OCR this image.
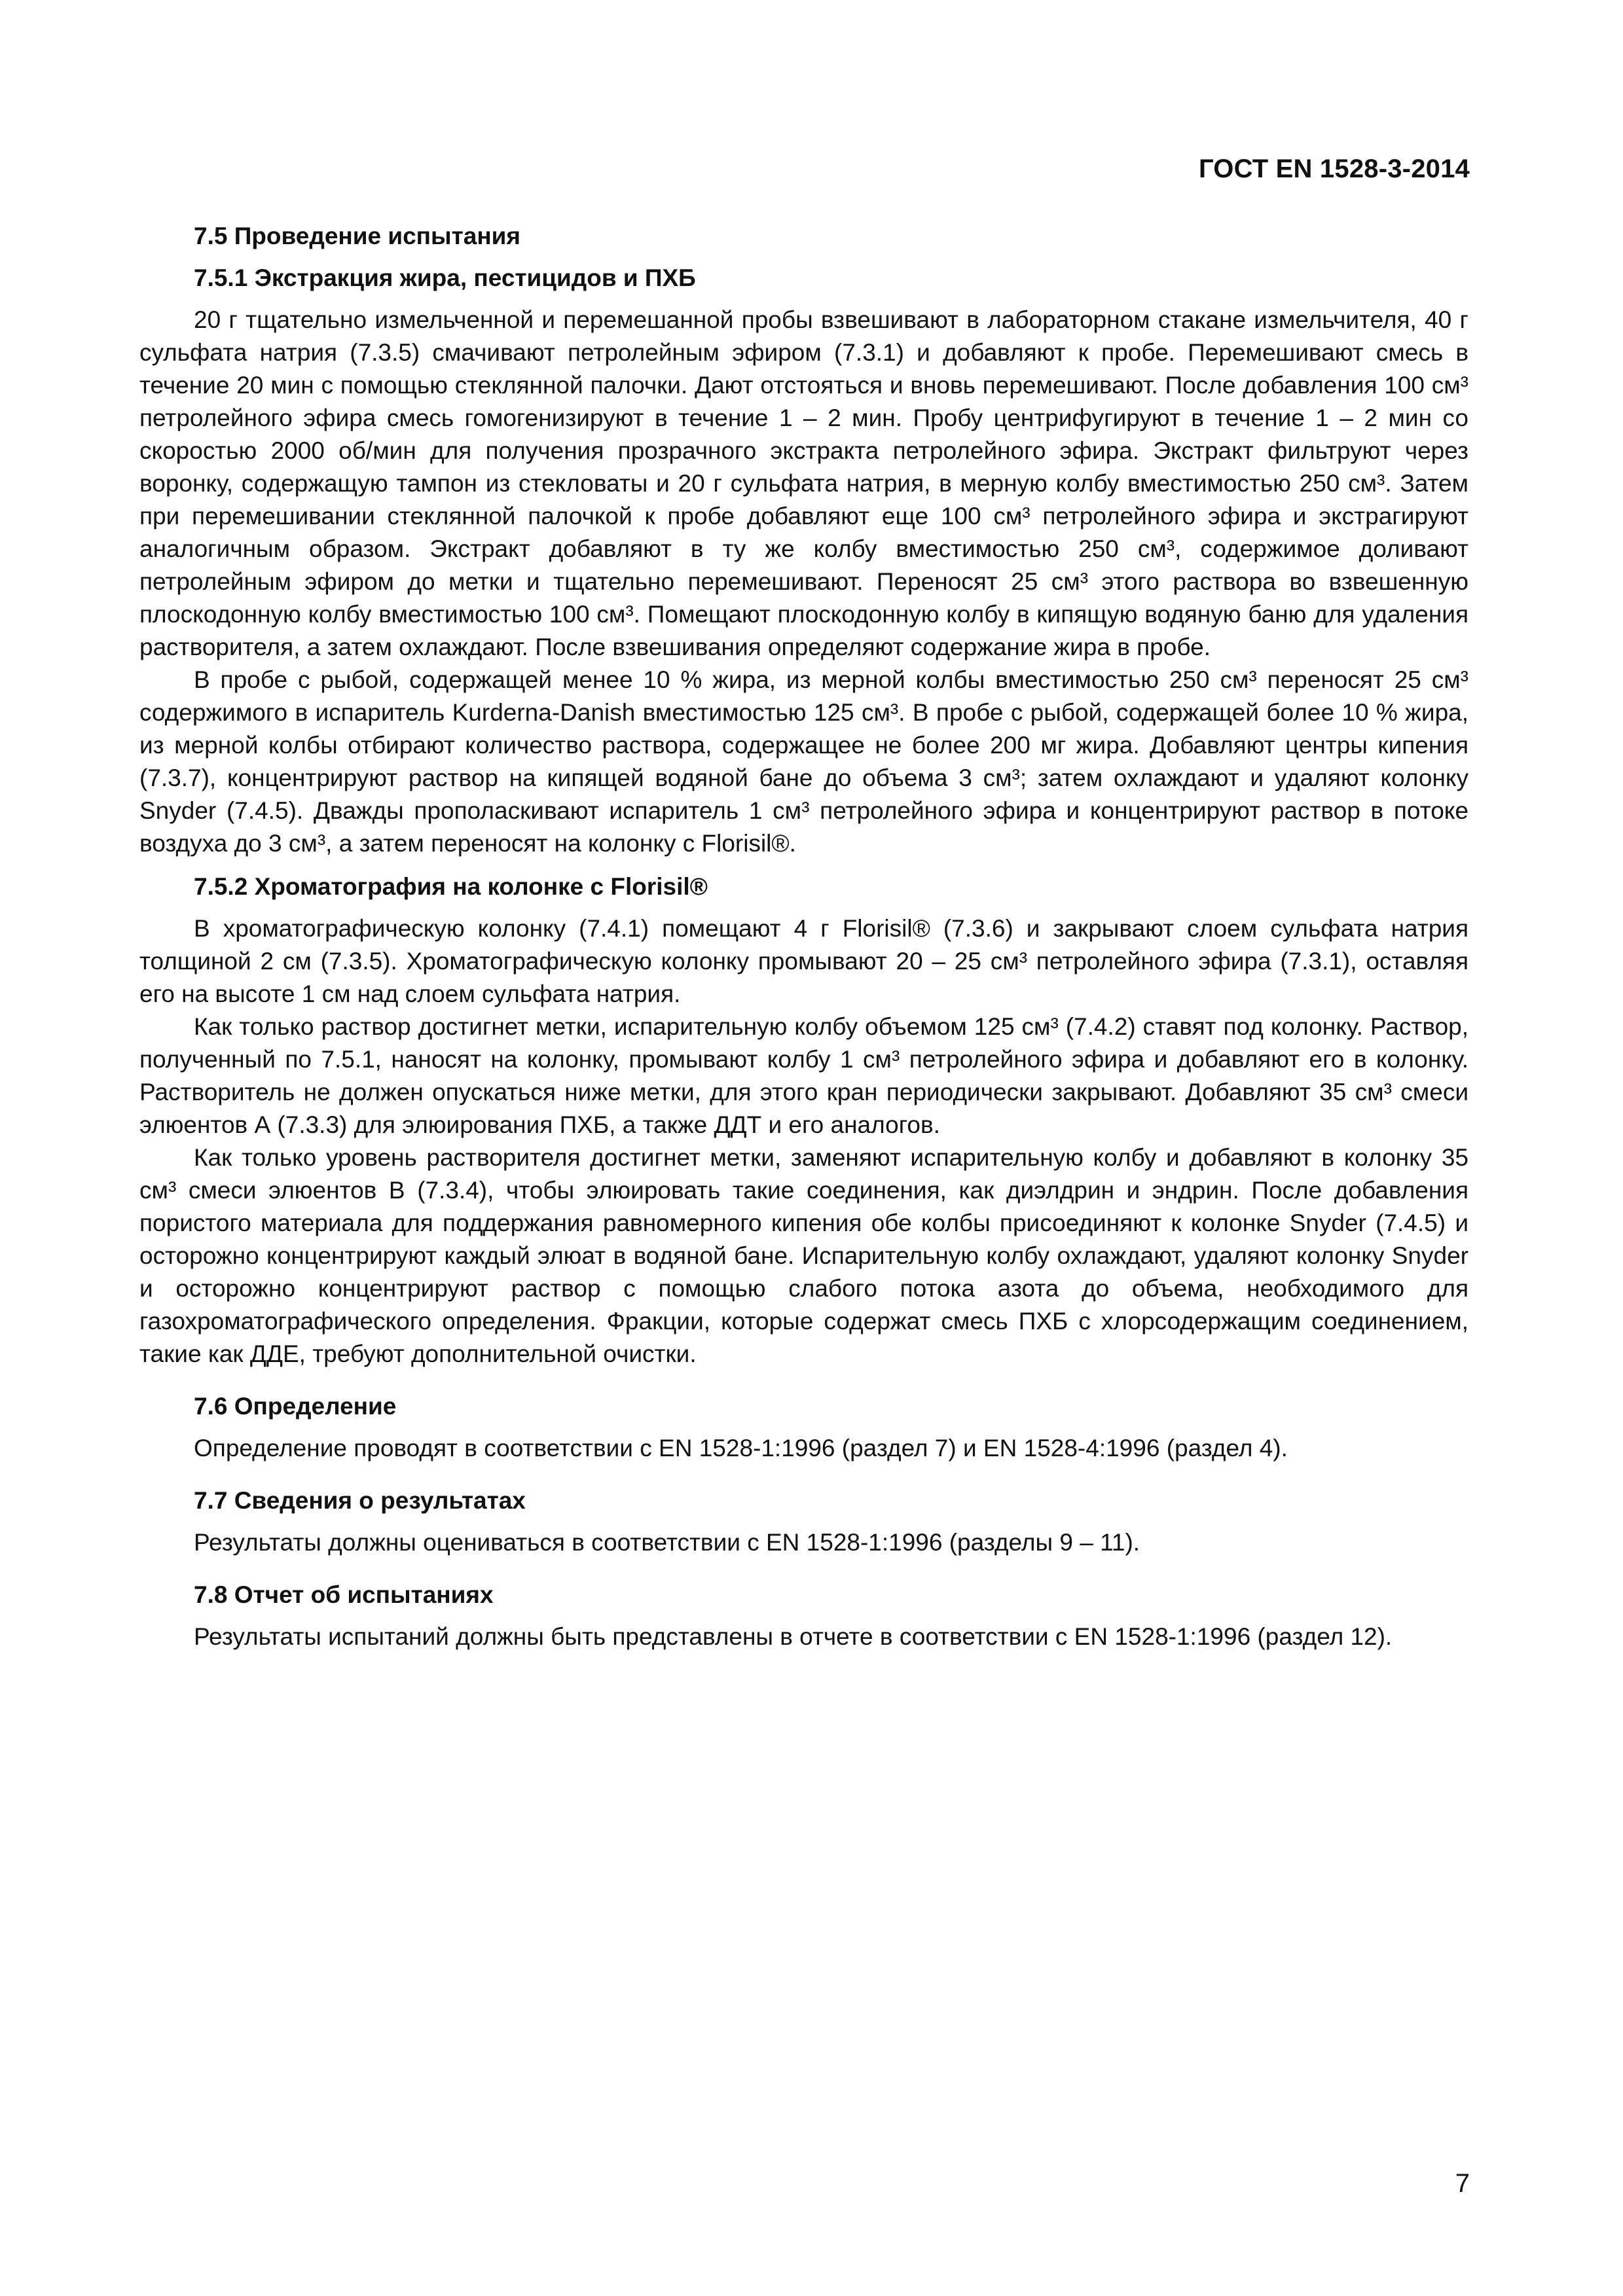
ГОСТ EN 1528-3-2014
7.5 Проведение испытания
7.5.1 Экстракция жира, пестицидов и ПХБ

20 г тщательно измельченной и перемешанной пробы взвешивают в лабораторном стакане измельчителя, 40 г сульфата натрия (7.3.5) смачивают петролейным эфиром (7.3.1) и добавляют к пробе. Перемешивают смесь в течение 20 мин с помощью стеклянной палочки. Дают отстояться и вновь перемешивают. После добавления 100 см³ петролейного эфира смесь гомогенизируют в течение 1 – 2 мин. Пробу центрифугируют в течение 1 – 2 мин со скоростью 2000 об/мин для получения прозрачного экстракта петролейного эфира. Экстракт фильтруют через воронку, содержащую тампон из стекловаты и 20 г сульфата натрия, в мерную колбу вместимостью 250 см³. Затем при перемешивании стеклянной палочкой к пробе добавляют еще 100 см³ петролейного эфира и экстрагируют аналогичным образом. Экстракт добавляют в ту же колбу вместимостью 250 см³, содержимое доливают петролейным эфиром до метки и тщательно перемешивают. Переносят 25 см³ этого раствора во взвешенную плоскодонную колбу вместимостью 100 см³. Помещают плоскодонную колбу в кипящую водяную баню для удаления растворителя, а затем охлаждают. После взвешивания определяют содержание жира в пробе.

В пробе с рыбой, содержащей менее 10 % жира, из мерной колбы вместимостью 250 см³ переносят 25 см³ содержимого в испаритель Kurderna-Danish вместимостью 125 см³. В пробе с рыбой, содержащей более 10 % жира, из мерной колбы отбирают количество раствора, содержащее не более 200 мг жира. Добавляют центры кипения (7.3.7), концентрируют раствор на кипящей водяной бане до объема 3 см³; затем охлаждают и удаляют колонку Snyder (7.4.5). Дважды прополаскивают испаритель 1 см³ петролейного эфира и концентрируют раствор в потоке воздуха до 3 см³, а затем переносят на колонку с Florisil®.

7.5.2 Хроматография на колонке с Florisil®

В хроматографическую колонку (7.4.1) помещают 4 г Florisil® (7.3.6) и закрывают слоем сульфата натрия толщиной 2 см (7.3.5). Хроматографическую колонку промывают 20 – 25 см³ петролейного эфира (7.3.1), оставляя его на высоте 1 см над слоем сульфата натрия.

Как только раствор достигнет метки, испарительную колбу объемом 125 см³ (7.4.2) ставят под колонку. Раствор, полученный по 7.5.1, наносят на колонку, промывают колбу 1 см³ петролейного эфира и добавляют его в колонку. Растворитель не должен опускаться ниже метки, для этого кран периодически закрывают. Добавляют 35 см³ смеси элюентов А (7.3.3) для элюирования ПХБ, а также ДДТ и его аналогов.

Как только уровень растворителя достигнет метки, заменяют испарительную колбу и добавляют в колонку 35 см³ смеси элюентов В (7.3.4), чтобы элюировать такие соединения, как диэлдрин и эндрин. После добавления пористого материала для поддержания равномерного кипения обе колбы присоединяют к колонке Snyder (7.4.5) и осторожно концентрируют каждый элюат в водяной бане. Испарительную колбу охлаждают, удаляют колонку Snyder и осторожно концентрируют раствор с помощью слабого потока азота до объема, необходимого для газохроматографического определения. Фракции, которые содержат смесь ПХБ с хлорсодержащим соединением, такие как ДДЕ, требуют дополнительной очистки.

7.6 Определение

Определение проводят в соответствии с EN 1528-1:1996 (раздел 7) и EN 1528-4:1996 (раздел 4).

7.7 Сведения о результатах

Результаты должны оцениваться в соответствии с EN 1528-1:1996 (разделы 9 – 11).

7.8 Отчет об испытаниях

Результаты испытаний должны быть представлены в отчете в соответствии с EN 1528-1:1996 (раздел 12).

7
